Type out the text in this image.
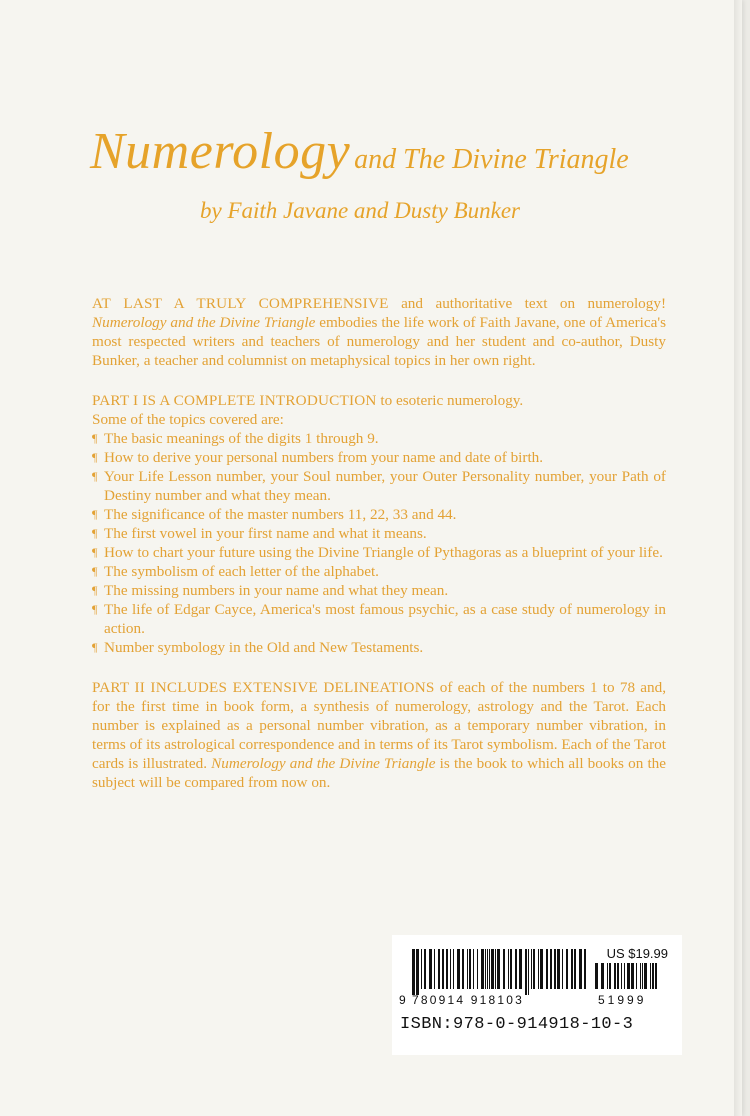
Numerology and The Divine Triangle
by Faith Javane and Dusty Bunker

AT LAST A TRULY COMPREHENSIVE and authoritative text on numerology! Numerology and the Divine Triangle embodies the life work of Faith Javane, one of America's most respected writers and teachers of numerology and her student and co-author, Dusty Bunker, a teacher and columnist on metaphysical topics in her own right.

PART I IS A COMPLETE INTRODUCTION to esoteric numerology.
Some of the topics covered are:
¶ The basic meanings of the digits 1 through 9.
¶ How to derive your personal numbers from your name and date of birth.
¶ Your Life Lesson number, your Soul number, your Outer Personality number, your Path of Destiny number and what they mean.
¶ The significance of the master numbers 11, 22, 33 and 44.
¶ The first vowel in your first name and what it means.
¶ How to chart your future using the Divine Triangle of Pythagoras as a blueprint of your life.
¶ The symbolism of each letter of the alphabet.
¶ The missing numbers in your name and what they mean.
¶ The life of Edgar Cayce, America's most famous psychic, as a case study of numerology in action.
¶ Number symbology in the Old and New Testaments.

PART II INCLUDES EXTENSIVE DELINEATIONS of each of the numbers 1 to 78 and, for the first time in book form, a synthesis of numerology, astrology and the Tarot. Each number is explained as a personal number vibration, as a temporary number vibration, in terms of its astrological correspondence and in terms of its Tarot symbolism. Each of the Tarot cards is illustrated. Numerology and the Divine Triangle is the book to which all books on the subject will be compared from now on.

US $19.99
9 780914 918103	51999
ISBN:978-0-914918-10-3
